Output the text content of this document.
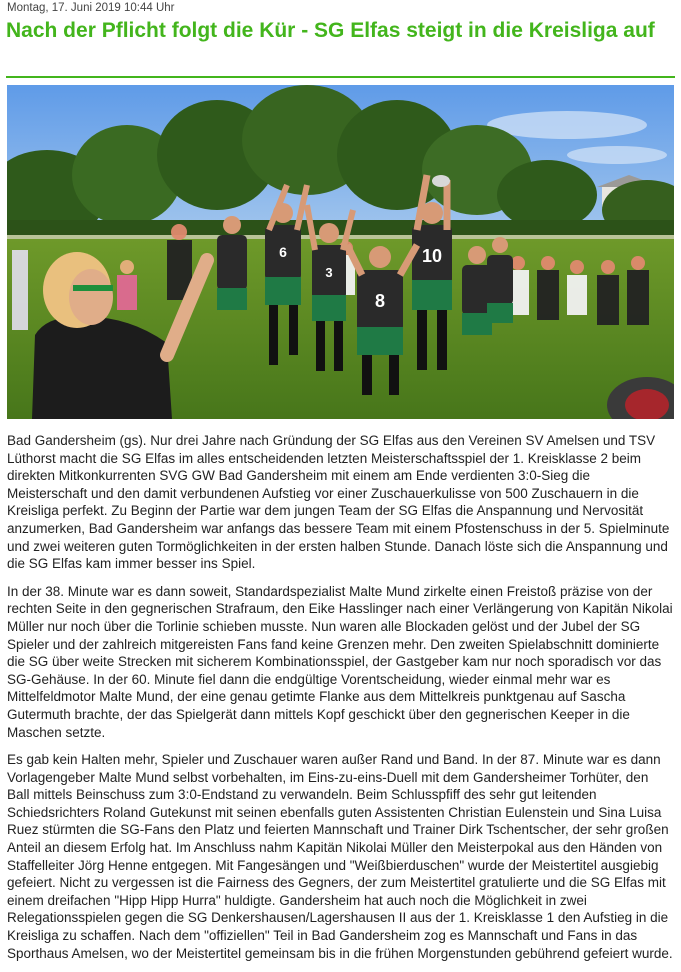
Montag, 17. Juni 2019 10:44 Uhr
Nach der Pflicht folgt die Kür - SG Elfas steigt in die Kreisliga auf
10
8
6
3

Bad Gandersheim (gs). Nur drei Jahre nach Gründung der SG Elfas aus den Vereinen SV Amelsen und TSV Lüthorst macht die SG Elfas im alles entscheidenden letzten Meisterschaftsspiel der 1. Kreisklasse 2 beim direkten Mitkonkurrenten SVG GW Bad Gandersheim mit einem am Ende verdienten 3:0-Sieg die Meisterschaft und den damit verbundenen Aufstieg vor einer Zuschauerkulisse von 500 Zuschauern in die Kreisliga perfekt. Zu Beginn der Partie war dem jungen Team der SG Elfas die Anspannung und Nervosität anzumerken, Bad Gandersheim war anfangs das bessere Team mit einem Pfostenschuss in der 5. Spielminute und zwei weiteren guten Tormöglichkeiten in der ersten halben Stunde. Danach löste sich die Anspannung und die SG Elfas kam immer besser ins Spiel.

In der 38. Minute war es dann soweit, Standardspezialist Malte Mund zirkelte einen Freistoß präzise von der rechten Seite in den gegnerischen Strafraum, den Eike Hasslinger nach einer Verlängerung von Kapitän Nikolai Müller nur noch über die Torlinie schieben musste. Nun waren alle Blockaden gelöst und der Jubel der SG Spieler und der zahlreich mitgereisten Fans fand keine Grenzen mehr. Den zweiten Spielabschnitt dominierte die SG über weite Strecken mit sicherem Kombinationsspiel, der Gastgeber kam nur noch sporadisch vor das SG-Gehäuse. In der 60. Minute fiel dann die endgültige Vorentscheidung, wieder einmal mehr war es Mittelfeldmotor Malte Mund, der eine genau getimte Flanke aus dem Mittelkreis punktgenau auf Sascha Gutermuth brachte, der das Spielgerät dann mittels Kopf geschickt über den gegnerischen Keeper in die Maschen setzte.

Es gab kein Halten mehr, Spieler und Zuschauer waren außer Rand und Band. In der 87. Minute war es dann Vorlagengeber Malte Mund selbst vorbehalten, im Eins-zu-eins-Duell mit dem Gandersheimer Torhüter, den Ball mittels Beinschuss zum 3:0-Endstand zu verwandeln. Beim Schlusspfiff des sehr gut leitenden Schiedsrichters Roland Gutekunst mit seinen ebenfalls guten Assistenten Christian Eulenstein und Sina Luisa Ruez stürmten die SG-Fans den Platz und feierten Mannschaft und Trainer Dirk Tschentscher, der sehr großen Anteil an diesem Erfolg hat. Im Anschluss nahm Kapitän Nikolai Müller den Meisterpokal aus den Händen von Staffelleiter Jörg Henne entgegen. Mit Fangesängen und "Weißbierduschen" wurde der Meistertitel ausgiebig gefeiert. Nicht zu vergessen ist die Fairness des Gegners, der zum Meistertitel gratulierte und die SG Elfas mit einem dreifachen "Hipp Hipp Hurra" huldigte. Gandersheim hat auch noch die Möglichkeit in zwei Relegationsspielen gegen die SG Denkershausen/Lagershausen II aus der 1. Kreisklasse 1 den Aufstieg in die Kreisliga zu schaffen. Nach dem "offiziellen" Teil in Bad Gandersheim zog es Mannschaft und Fans in das Sporthaus Amelsen, wo der Meistertitel gemeinsam bis in die frühen Morgenstunden gebührend gefeiert wurde.
